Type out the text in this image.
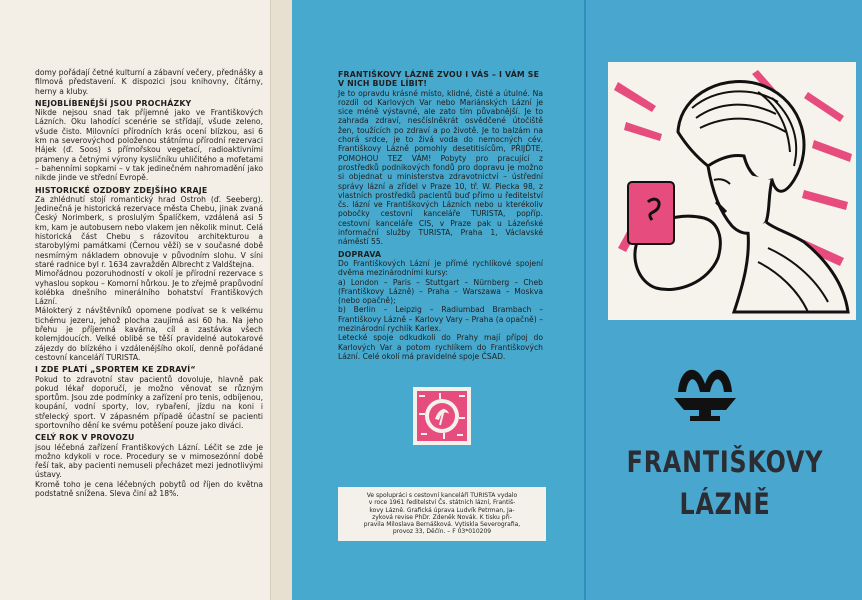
domy pořádají četné kulturní a zábavní večery, přednášky a filmová představení. K dispozici jsou knihovny, čítárny, herny a kluby.

NEJOBLÍBENĚJŠÍ JSOU PROCHÁZKY

Nikde nejsou snad tak příjemné jako ve Františkových Lázních. Oku lahodící scenérie se střídají, všude zeleno, všude čisto. Milovníci přírodních krás ocení blízkou, asi 6 km na severovýchod položenou státnímu přírodní rezervaci Hájek (ď. Soos) s přímořskou vegetací, radioaktivními prameny a četnými výrony kysličníku uhličitého a mofetami – bahenními sopkami – v tak jedinečném nahromadění jako nikde jinde ve střední Evropě.

HISTORICKÉ OZDOBY ZDEJŠÍHO KRAJE

Za zhlédnutí stojí romantický hrad Ostroh (ď. Seeberg). Jedinečná je historická rezervace města Chebu, jinak zvaná Český Norimberk, s proslulým Špalíčkem, vzdálená asi 5 km, kam je autobusem nebo vlakem jen několik minut. Celá historická část Chebu s rázovitou architekturou a starobylými památkami (Černou věží) se v současné době nesmírným nákladem obnovuje v původním slohu. V síni staré radnice byl r. 1634 zavražděn Albrecht z Valdštejna.

Mimořádnou pozoruhodností v okolí je přírodní rezervace s vyhaslou sopkou – Komorní hůrkou. Je to zřejmě prapůvodní kolébka dnešního minerálního bohatství Františkových Lázní.

Málokterý z návštěvníků opomene podívat se k velkému tichému jezeru, jehož plocha zaujímá asi 60 ha. Na jeho břehu je příjemná kavárna, cíl a zastávka všech kolemjdoucích. Velké oblibě se těší pravidelné autokarové zájezdy do blízkého i vzdálenějšího okolí, denně pořádané cestovní kanceláří TURISTA.

I ZDE PLATÍ „SPORTEM KE ZDRAVÍ“

Pokud to zdravotní stav pacientů dovoluje, hlavně pak pokud lékař doporučí, je možno věnovat se různým sportům. Jsou zde podmínky a zařízení pro tenis, odbíjenou, koupání, vodní sporty, lov, rybaření, jízdu na koni i střelecký sport. V zápasném případě účastní se pacienti sportovního dění ke svému potěšení pouze jako diváci.

CELÝ ROK V PROVOZU

jsou léčebná zařízení Františkových Lázní. Léčit se zde je možno kdykoli v roce. Procedury se v mimosezónní době řeší tak, aby pacienti nemuseli přecházet mezi jednotlivými ústavy.

Kromě toho je cena léčebných pobytů od říjen do května podstatně snížena. Sleva činí až 18%.

FRANTIŠKOVY LÁZNĚ ZVOU I VÁS – I VÁM SE V NICH BUDE LÍBIT!

Je to opravdu krásné místo, klidné, čisté a útulné. Na rozdíl od Karlových Var nebo Mariánských Lázní je sice méně výstavné, ale zato tím půvabnější. Je to zahrada zdraví, nesčíslněkrát osvědčené útočiště žen, toužících po zdraví a po životě. Je to balzám na chorá srdce, je to živá voda do nemocných cév. Františkovy Lázně pomohly desetitisícům, PŘIJĎTE, POMOHOU TEZ VÁM! Pobyty pro pracující z prostředků podnikových fondů pro dopravu je možno si objednat u ministerstva zdravotnictví – ústřední správy lázní a zřídel v Praze 10, tř. W. Piecka 98, z vlastních prostředků pacientů buď přímo u ředitelství čs. lázní ve Františkových Lázních nebo u kterékoliv pobočky cestovní kanceláře TURISTA, popříp. cestovní kanceláře CIS, v Praze pak u Lázeňské informační služby TURISTA, Praha 1, Václavské náměstí 55.

DOPRAVA

Do Františkových Lázní je přímé rychlíkové spojení dvěma mezinárodními kursy:

a) London – Paris – Stuttgart – Nürnberg – Cheb (Františkovy Lázně) – Praha – Warszawa – Moskva (nebo opačně);

b) Berlin – Leipzig – Radiumbad Brambach – Františkovy Lázně – Karlovy Vary – Praha (a opačně) – mezinárodní rychlík Karlex.

Letecké spoje odkudkoli do Prahy mají přípoj do Karlových Var a potom rychlíkem do Františkových Lázní. Celé okolí má pravidelné spoje ČSAD.

Ve spolupráci s cestovní kanceláří TURISTA vydalo

v roce 1961 ředitelství Čs. státních lázní, Františ-

kovy Lázně. Grafická úprava Ludvík Petrman, Ja-

zyková revise PhDr. Zdeněk Novák. K tisku při-

pravila Miloslava Bernášková. Vytiskla Severografia,

provoz 33, Děčín. – F 03*010209

FRANTIŠKOVY
LÁZNĚ
